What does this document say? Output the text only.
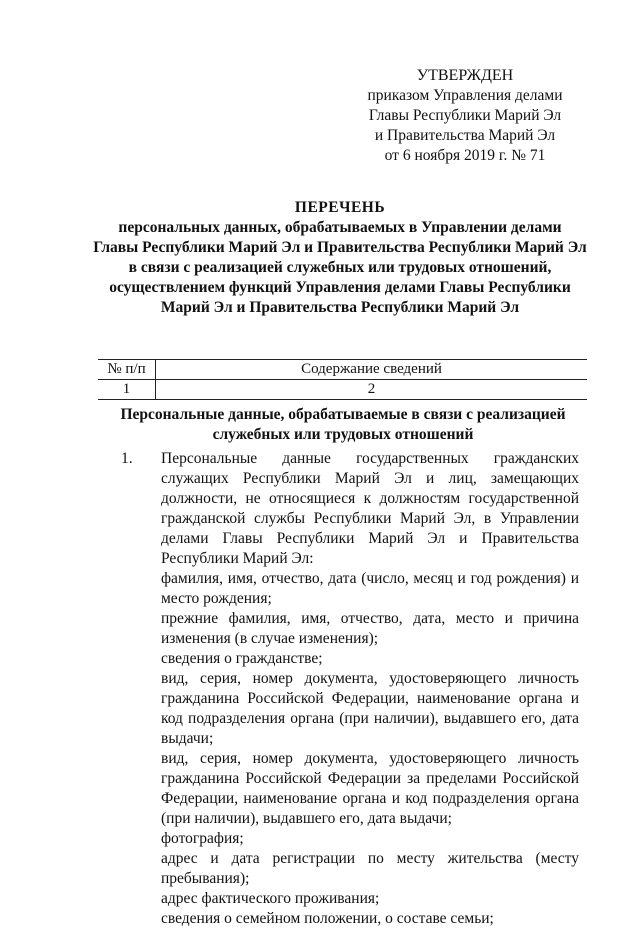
УТВЕРЖДЕН
приказом Управления делами
Главы Республики Марий Эл
и Правительства Марий Эл
от 6 ноября 2019 г. № 71
ПЕРЕЧЕНЬ
персональных данных, обрабатываемых в Управлении делами
Главы Республики Марий Эл и Правительства Республики Марий Эл
в связи с реализацией служебных или трудовых отношений,
осуществлением функций Управления делами Главы Республики
Марий Эл и Правительства Республики Марий Эл
№ п/п	Содержание сведений
1	2
Персональные данные, обрабатываемые в связи с реализацией
служебных или трудовых отношений
1. Персональные данные государственных гражданских служащих Республики Марий Эл и лиц, замещающих должности, не относящиеся к должностям государственной гражданской службы Республики Марий Эл, в Управлении делами Главы Республики Марий Эл и Правительства Республики Марий Эл:

фамилия, имя, отчество, дата (число, месяц и год рождения) и место рождения;

прежние фамилия, имя, отчество, дата, место и причина изменения (в случае изменения);

сведения о гражданстве;

вид, серия, номер документа, удостоверяющего личность гражданина Российской Федерации, наименование органа и код подразделения органа (при наличии), выдавшего его, дата выдачи;

вид, серия, номер документа, удостоверяющего личность гражданина Российской Федерации за пределами Российской Федерации, наименование органа и код подразделения органа (при наличии), выдавшего его, дата выдачи;

фотография;

адрес и дата регистрации по месту жительства (месту пребывания);

адрес фактического проживания;

сведения о семейном положении, о составе семьи;
